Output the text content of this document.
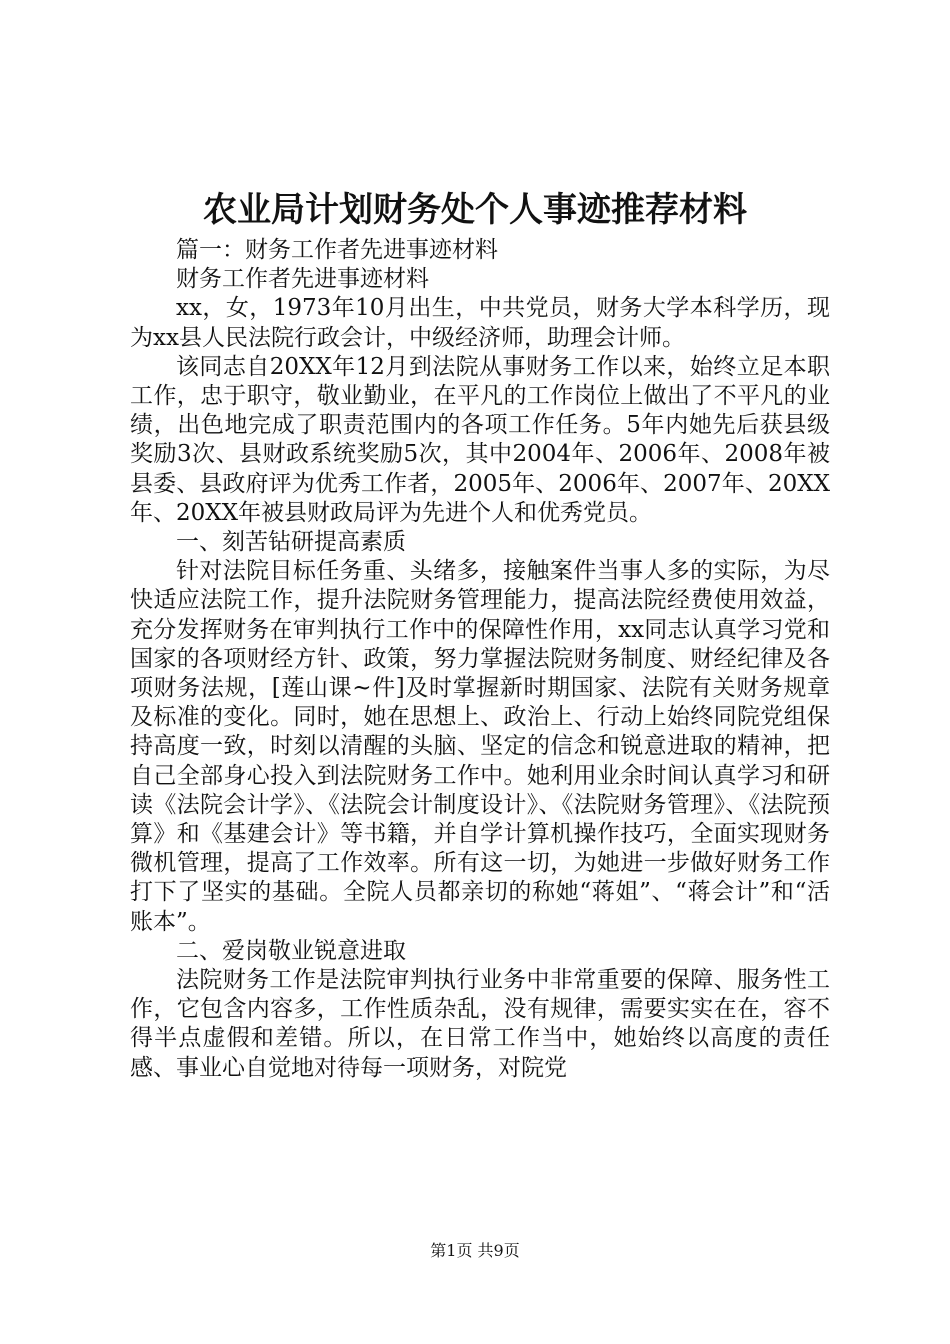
农业局计划财务处个人事迹推荐材料

篇一：财务工作者先进事迹材料

财务工作者先进事迹材料

xx，女，1973年10月出生，中共党员，财务大学本科学历，现为xx县人民法院行政会计，中级经济师，助理会计师。

该同志自20XX年12月到法院从事财务工作以来，始终立足本职工作，忠于职守，敬业勤业，在平凡的工作岗位上做出了不平凡的业绩，出色地完成了职责范围内的各项工作任务。5年内她先后获县级奖励3次、县财政系统奖励5次，其中2004年、2006年、2008年被县委、县政府评为优秀工作者，2005年、2006年、2007年、20XX年、20XX年被县财政局评为先进个人和优秀党员。

一、刻苦钻研提高素质

针对法院目标任务重、头绪多，接触案件当事人多的实际，为尽快适应法院工作，提升法院财务管理能力，提高法院经费使用效益，充分发挥财务在审判执行工作中的保障性作用，xx同志认真学习党和国家的各项财经方针、政策，努力掌握法院财务制度、财经纪律及各项财务法规，[莲山课~件]及时掌握新时期国家、法院有关财务规章及标准的变化。同时，她在思想上、政治上、行动上始终同院党组保持高度一致，时刻以清醒的头脑、坚定的信念和锐意进取的精神，把自己全部身心投入到法院财务工作中。她利用业余时间认真学习和研读《法院会计学》、《法院会计制度设计》、《法院财务管理》、《法院预算》和《基建会计》等书籍，并自学计算机操作技巧，全面实现财务微机管理，提高了工作效率。所有这一切，为她进一步做好财务工作打下了坚实的基础。全院人员都亲切的称她“蒋姐”、“蒋会计”和“活账本”。

二、爱岗敬业锐意进取

法院财务工作是法院审判执行业务中非常重要的保障、服务性工作，它包含内容多，工作性质杂乱，没有规律，需要实实在在，容不得半点虚假和差错。所以，在日常工作当中，她始终以高度的责任感、事业心自觉地对待每一项财务，对院党

第1页 共9页
